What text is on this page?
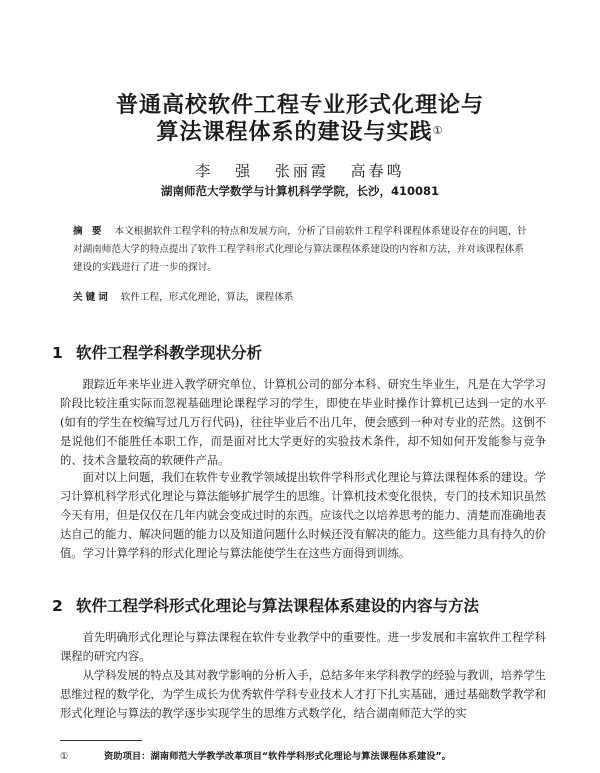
普通高校软件工程专业形式化理论与
算法课程体系的建设与实践①
李 强 张丽霞 高春鸣
湖南师范大学数学与计算机科学学院，长沙，410081
摘 要 本文根据软件工程学科的特点和发展方向，分析了目前软件工程学科课程体系建设存在的问题，针对湖南师范大学的特点提出了软件工程学科形式化理论与算法课程体系建设的内容和方法，并对该课程体系建设的实践进行了进一步的探讨。
关键词 软件工程，形式化理论，算法，课程体系
1 软件工程学科教学现状分析

跟踪近年来毕业进入教学研究单位、计算机公司的部分本科、研究生毕业生，凡是在大学学习阶段比较注重实际而忽视基础理论课程学习的学生，即使在毕业时操作计算机已达到一定的水平(如有的学生在校编写过几万行代码)，往往毕业后不出几年，便会感到一种对专业的茫然。这倒不是说他们不能胜任本职工作，而是面对比大学更好的实验技术条件，却不知如何开发能参与竞争的、技术含量较高的软硬件产品。

面对以上问题，我们在软件专业教学领域提出软件学科形式化理论与算法课程体系的建设。学习计算机科学形式化理论与算法能够扩展学生的思维。计算机技术变化很快，专门的技术知识虽然今天有用，但是仅仅在几年内就会变成过时的东西。应该代之以培养思考的能力、清楚而准确地表达自己的能力、解决问题的能力以及知道问题什么时候还没有解决的能力。这些能力具有持久的价值。学习计算学科的形式化理论与算法能使学生在这些方面得到训练。

2 软件工程学科形式化理论与算法课程体系建设的内容与方法

首先明确形式化理论与算法课程在软件专业教学中的重要性。进一步发展和丰富软件工程学科课程的研究内容。

从学科发展的特点及其对教学影响的分析入手，总结多年来学科教学的经验与教训，培养学生思维过程的数学化，为学生成长为优秀软件学科专业技术人才打下扎实基础，通过基础数学教学和形式化理论与算法的教学逐步实现学生的思维方式数学化，结合湖南师范大学的实

①	资助项目：湖南师范大学教学改革项目“软件学科形式化理论与算法课程体系建设”。
